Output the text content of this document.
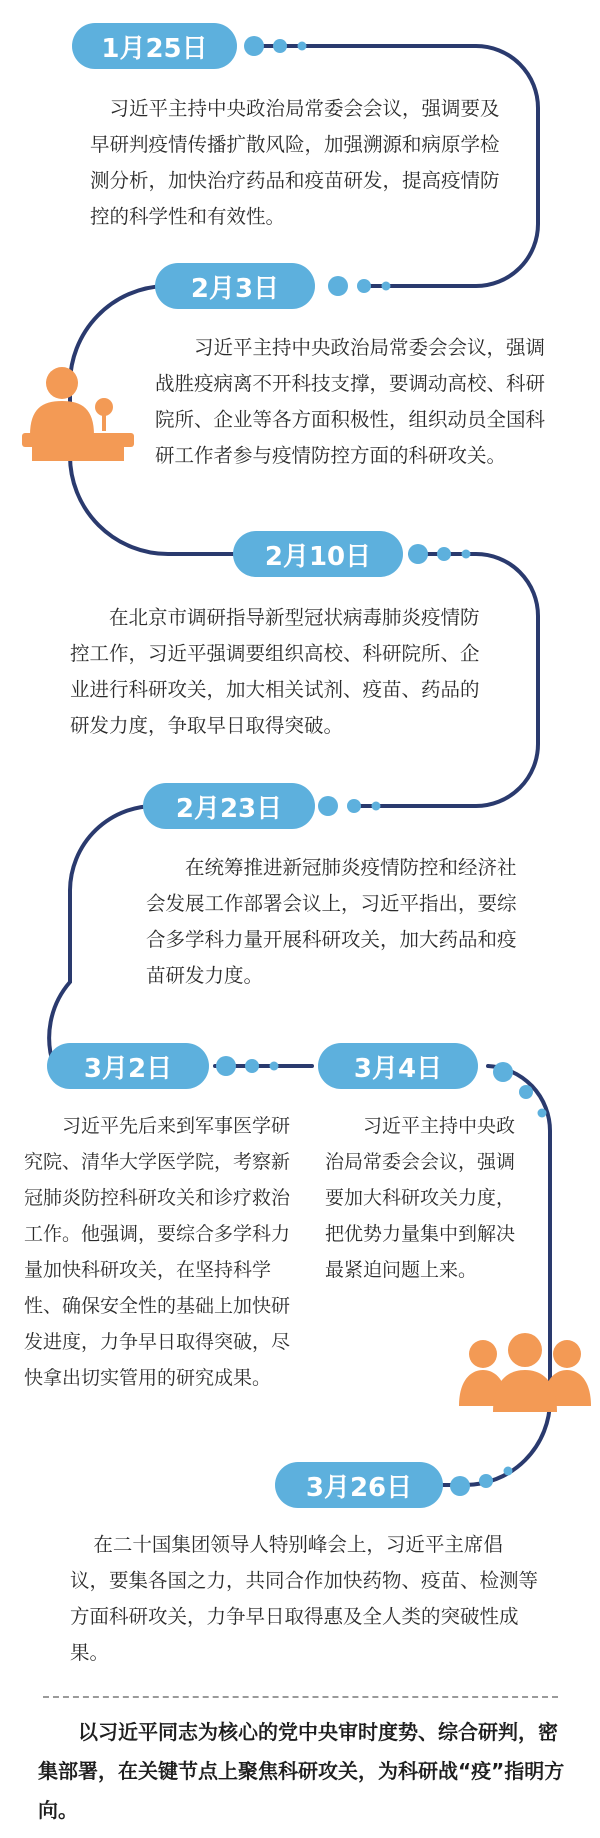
1月25日
2月3日
2月10日
2月23日
3月2日	3月4日
3月26日

习近平主持中央政治局常委会会议，强调要及早研判疫情传播扩散风险，加强溯源和病原学检测分析，加快治疗药品和疫苗研发，提高疫情防控的科学性和有效性。

习近平主持中央政治局常委会会议，强调战胜疫病离不开科技支撑，要调动高校、科研院所、企业等各方面积极性，组织动员全国科研工作者参与疫情防控方面的科研攻关。

在北京市调研指导新型冠状病毒肺炎疫情防控工作，习近平强调要组织高校、科研院所、企业进行科研攻关，加大相关试剂、疫苗、药品的研发力度，争取早日取得突破。

在统筹推进新冠肺炎疫情防控和经济社会发展工作部署会议上，习近平指出，要综合多学科力量开展科研攻关，加大药品和疫苗研发力度。

习近平先后来到军事医学研究院、清华大学医学院，考察新冠肺炎防控科研攻关和诊疗救治工作。他强调，要综合多学科力量加快科研攻关，在坚持科学性、确保安全性的基础上加快研发进度，力争早日取得突破，尽快拿出切实管用的研究成果。

习近平主持中央政治局常委会会议，强调要加大科研攻关力度，把优势力量集中到解决最紧迫问题上来。

在二十国集团领导人特别峰会上，习近平主席倡议，要集各国之力，共同合作加快药物、疫苗、检测等方面科研攻关，力争早日取得惠及全人类的突破性成果。

以习近平同志为核心的党中央审时度势、综合研判，密集部署，在关键节点上聚焦科研攻关，为科研战“疫”指明方向。
